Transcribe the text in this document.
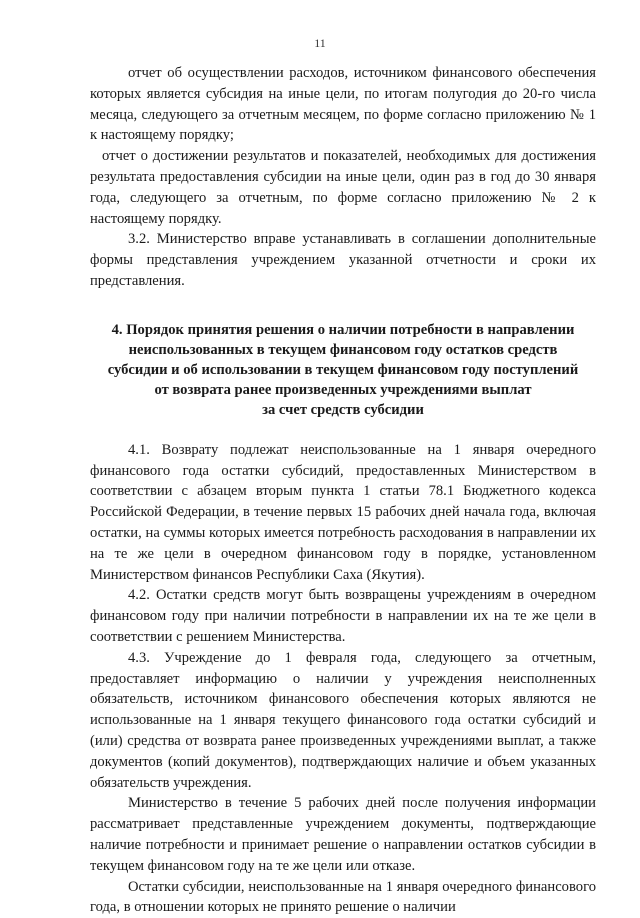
11

отчет об осуществлении расходов, источником финансового обеспечения которых является субсидия на иные цели, по итогам полугодия до 20-го числа месяца, следующего за отчетным месяцем, по форме согласно приложению № 1 к настоящему порядку;

отчет о достижении результатов и показателей, необходимых для достижения результата предоставления субсидии на иные цели, один раз в год до 30 января года, следующего за отчетным, по форме согласно приложению № 2 к настоящему порядку.

3.2. Министерство вправе устанавливать в соглашении дополнительные формы представления учреждением указанной отчетности и сроки их представления.

4. Порядок принятия решения о наличии потребности в направлении
неиспользованных в текущем финансовом году остатков средств
субсидии и об использовании в текущем финансовом году поступлений
от возврата ранее произведенных учреждениями выплат
за счет средств субсидии

4.1. Возврату подлежат неиспользованные на 1 января очередного финансового года остатки субсидий, предоставленных Министерством в соответствии с абзацем вторым пункта 1 статьи 78.1 Бюджетного кодекса Российской Федерации, в течение первых 15 рабочих дней начала года, включая остатки, на суммы которых имеется потребность расходования в направлении их на те же цели в очередном финансовом году в порядке, установленном Министерством финансов Республики Саха (Якутия).

4.2. Остатки средств могут быть возвращены учреждениям в очередном финансовом году при наличии потребности в направлении их на те же цели в соответствии с решением Министерства.

4.3. Учреждение до 1 февраля года, следующего за отчетным, предоставляет информацию о наличии у учреждения неисполненных обязательств, источником финансового обеспечения которых являются не использованные на 1 января текущего финансового года остатки субсидий и (или) средства от возврата ранее произведенных учреждениями выплат, а также документов (копий документов), подтверждающих наличие и объем указанных обязательств учреждения.

Министерство в течение 5 рабочих дней после получения информации рассматривает представленные учреждением документы, подтверждающие наличие потребности и принимает решение о направлении остатков субсидии в текущем финансовом году на те же цели или отказе.

Остатки субсидии, неиспользованные на 1 января очередного финансового года, в отношении которых не принято решение о наличии
